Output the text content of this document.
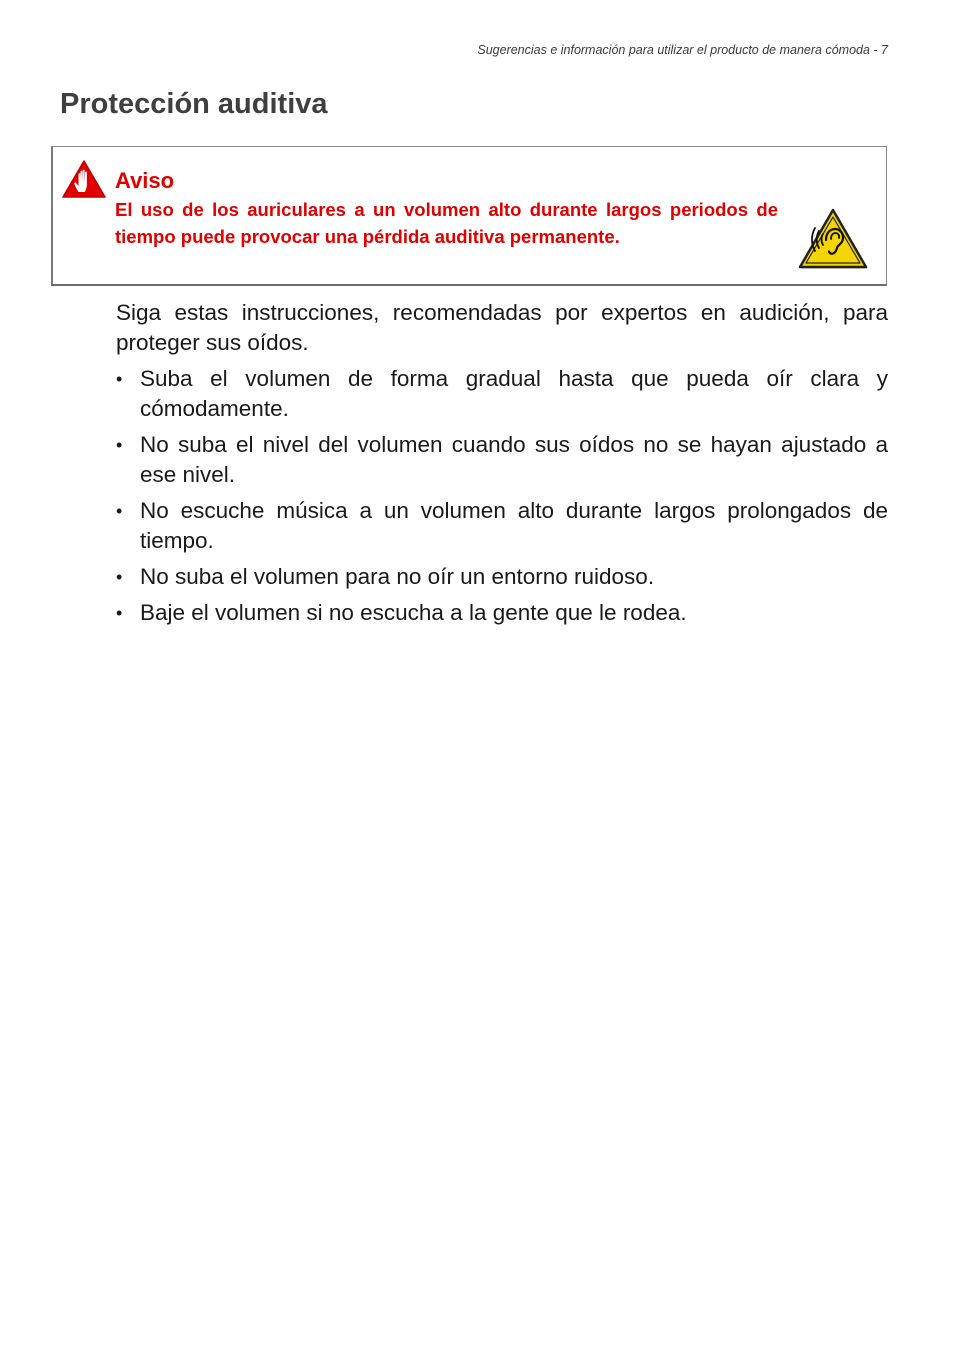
Sugerencias e información para utilizar el producto de manera cómoda - 7
Protección auditiva
Aviso

El uso de los auriculares a un volumen alto durante largos periodos de tiempo puede provocar una pérdida auditiva permanente.

Siga estas instrucciones, recomendadas por expertos en audición, para proteger sus oídos.

• Suba el volumen de forma gradual hasta que pueda oír clara y cómodamente.
• No suba el nivel del volumen cuando sus oídos no se hayan ajustado a ese nivel.
• No escuche música a un volumen alto durante largos prolongados de tiempo.
• No suba el volumen para no oír un entorno ruidoso.
• Baje el volumen si no escucha a la gente que le rodea.
